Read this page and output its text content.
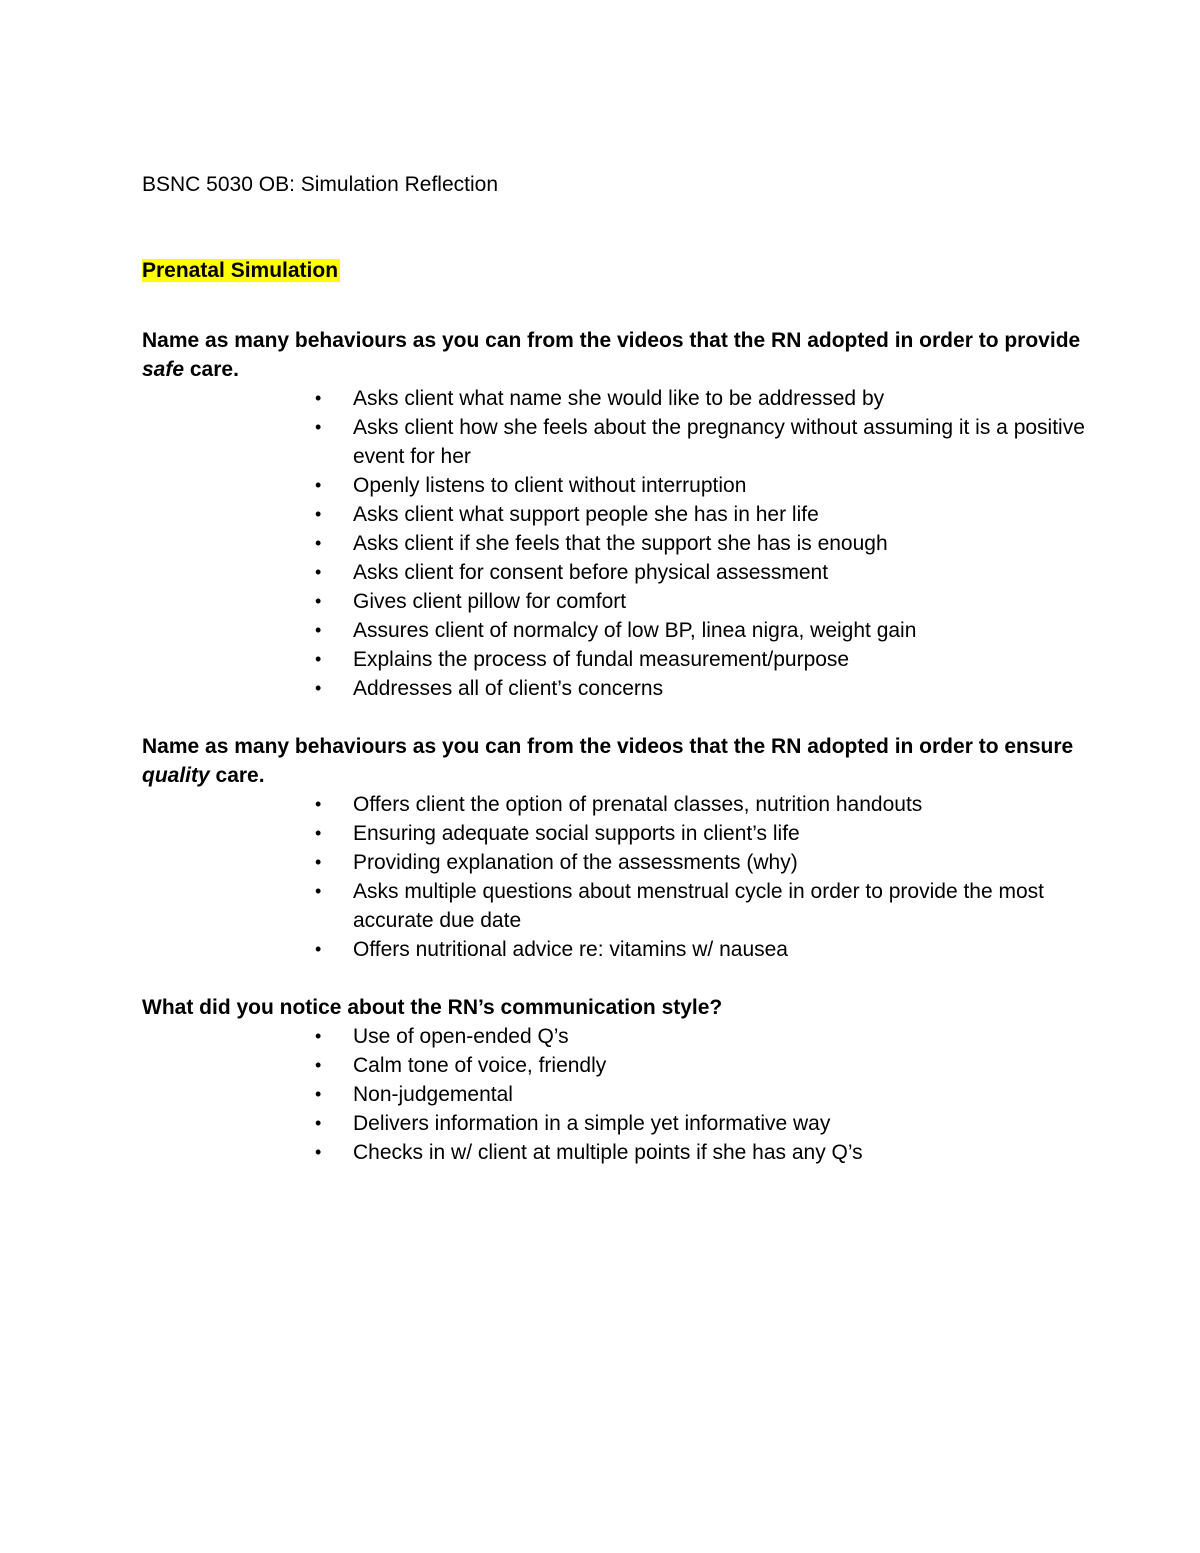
BSNC 5030 OB: Simulation Reflection

Prenatal Simulation

Name as many behaviours as you can from the videos that the RN adopted in order to provide safe care.

• Asks client what name she would like to be addressed by
• Asks client how she feels about the pregnancy without assuming it is a positive event for her
• Openly listens to client without interruption
• Asks client what support people she has in her life
• Asks client if she feels that the support she has is enough
• Asks client for consent before physical assessment
• Gives client pillow for comfort
• Assures client of normalcy of low BP, linea nigra, weight gain
• Explains the process of fundal measurement/purpose
• Addresses all of client’s concerns

Name as many behaviours as you can from the videos that the RN adopted in order to ensure quality care.

• Offers client the option of prenatal classes, nutrition handouts
• Ensuring adequate social supports in client’s life
• Providing explanation of the assessments (why)
• Asks multiple questions about menstrual cycle in order to provide the most accurate due date
• Offers nutritional advice re: vitamins w/ nausea

What did you notice about the RN’s communication style?

• Use of open-ended Q’s
• Calm tone of voice, friendly
• Non-judgemental
• Delivers information in a simple yet informative way
• Checks in w/ client at multiple points if she has any Q’s
